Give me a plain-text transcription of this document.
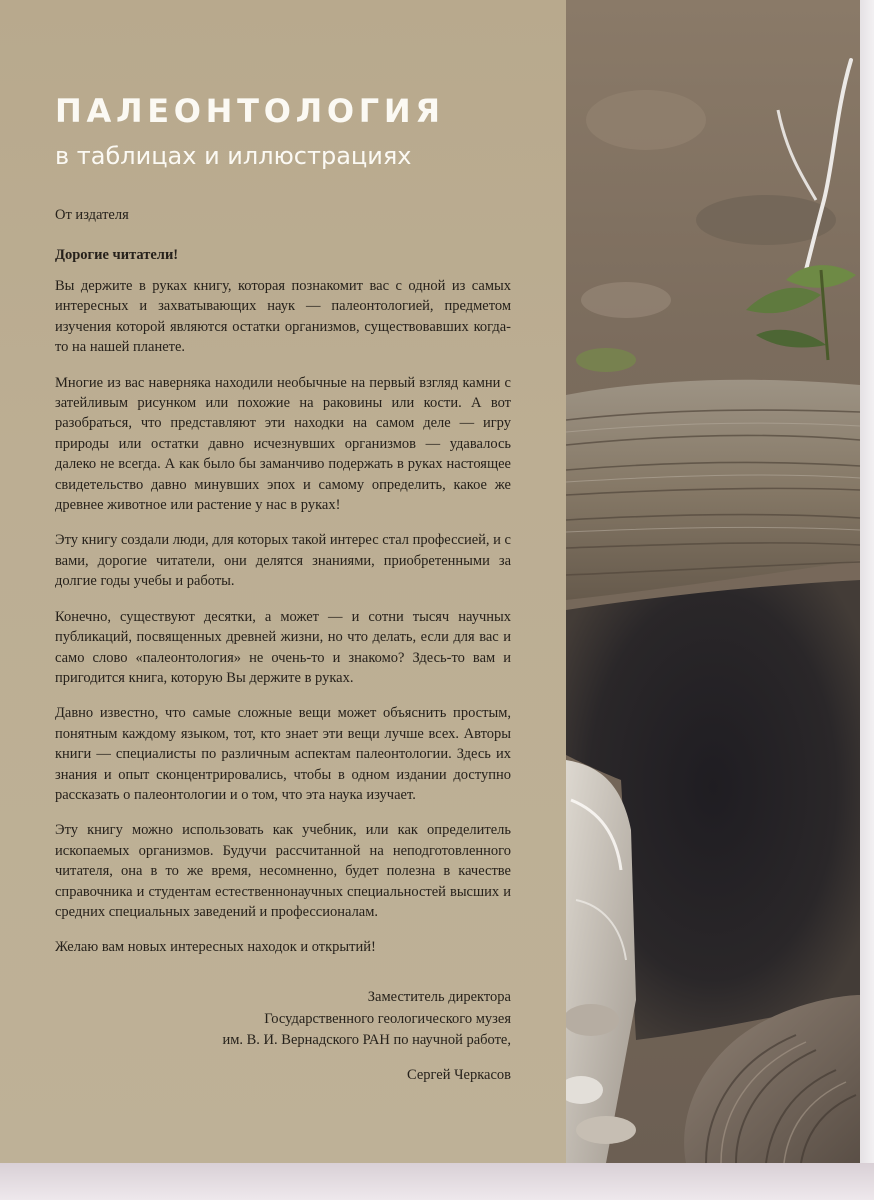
ПАЛЕОНТОЛОГИЯ
в таблицах и иллюстрациях
От издателя
Дорогие читатели!

Вы держите в руках книгу, которая познакомит вас с одной из самых интересных и захватывающих наук — палеонтологией, предметом изучения которой являются остатки организмов, существовавших когда-то на нашей планете.

Многие из вас наверняка находили необычные на первый взгляд камни с затейливым рисунком или похожие на раковины или кости. А вот разобраться, что представляют эти находки на самом деле — игру природы или остатки давно исчезнувших организмов — удавалось далеко не всегда. А как было бы заманчиво подержать в руках настоящее свидетельство давно минувших эпох и самому определить, какое же древнее животное или растение у нас в руках!

Эту книгу создали люди, для которых такой интерес стал профессией, и с вами, дорогие читатели, они делятся знаниями, приобретенными за долгие годы учебы и работы.

Конечно, существуют десятки, а может — и сотни тысяч научных публикаций, посвященных древней жизни, но что делать, если для вас и само слово «палеонтология» не очень-то и знакомо? Здесь-то вам и пригодится книга, которую Вы держите в руках.

Давно известно, что самые сложные вещи может объяснить простым, понятным каждому языком, тот, кто знает эти вещи лучше всех. Авторы книги — специалисты по различным аспектам палеонтологии. Здесь их знания и опыт сконцентрировались, чтобы в одном издании доступно рассказать о палеонтологии и о том, что эта наука изучает.

Эту книгу можно использовать как учебник, или как определитель ископаемых организмов. Будучи рассчитанной на неподготовленного читателя, она в то же время, несомненно, будет полезна в качестве справочника и студентам естественнонаучных специальностей высших и средних специальных заведений и профессионалам.

Желаю вам новых интересных находок и открытий!

Заместитель директора
Государственного геологического музея
им. В. И. Вернадского РАН по научной работе,
Сергей Черкасов
